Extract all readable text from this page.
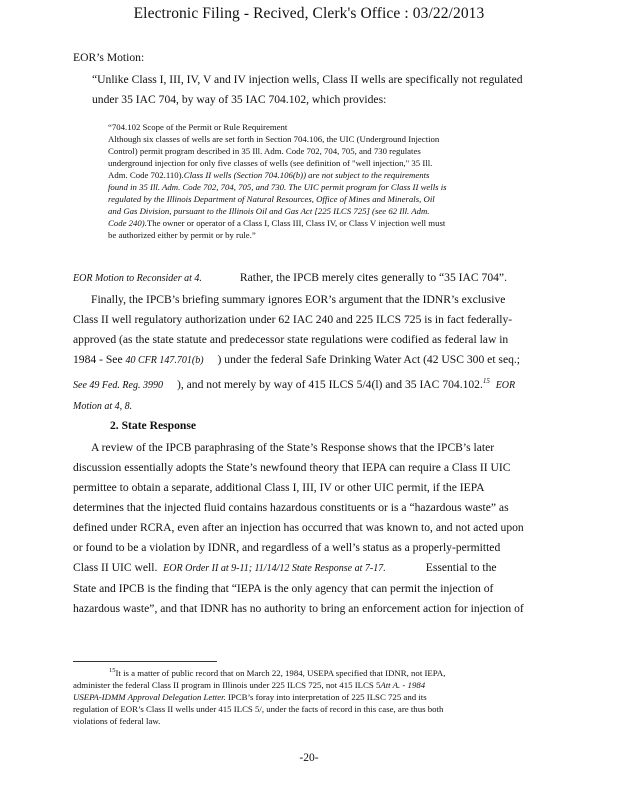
Electronic Filing - Recived, Clerk's Office : 03/22/2013

EOR’s Motion:

“Unlike Class I, III, IV, V and IV injection wells, Class II wells are specifically not regulated

under 35 IAC 704, by way of 35 IAC 704.102, which provides:

“704.102 Scope of the Permit or Rule Requirement

Although six classes of wells are set forth in Section 704.106, the UIC (Underground Injection

Control) permit program described in 35 Ill. Adm. Code 702, 704, 705, and 730 regulates

underground injection for only five classes of wells (see definition of "well injection," 35 Ill.

Adm. Code 702.110).Class II wells (Section 704.106(b)) are not subject to the requirements

found in 35 Ill. Adm. Code 702, 704, 705, and 730. The UIC permit program for Class II wells is

regulated by the Illinois Department of Natural Resources, Office of Mines and Minerals, Oil

and Gas Division, pursuant to the Illinois Oil and Gas Act [225 ILCS 725] (see 62 Ill. Adm.

Code 240).The owner or operator of a Class I, Class III, Class IV, or Class V injection well must

be authorized either by permit or by rule.”

EOR Motion to Reconsider at 4.	Rather, the IPCB merely cites generally to “35 IAC 704”.

Finally, the IPCB’s briefing summary ignores EOR’s argument that the IDNR’s exclusive

Class II well regulatory authorization under 62 IAC 240 and 225 ILCS 725 is in fact federally-

approved (as the state statute and predecessor state regulations were codified as federal law in

1984 - See 40 CFR 147.701(b) ) under the federal Safe Drinking Water Act (42 USC 300 et seq.;

See 49 Fed. Reg. 3990 ), and not merely by way of 415 ILCS 5/4(l) and 35 IAC 704.102.15 EOR

Motion at 4, 8.

2. State Response

A review of the IPCB paraphrasing of the State’s Response shows that the IPCB’s later

discussion essentially adopts the State’s newfound theory that IEPA can require a Class II UIC

permittee to obtain a separate, additional Class I, III, IV or other UIC permit, if the IEPA

determines that the injected fluid contains hazardous constituents or is a “hazardous waste” as

defined under RCRA, even after an injection has occurred that was known to, and not acted upon

or found to be a violation by IDNR, and regardless of a well’s status as a properly-permitted

Class II UIC well. EOR Order II at 9-11; 11/14/12 State Response at 7-17.	Essential to the

State and IPCB is the finding that “IEPA is the only agency that can permit the injection of

hazardous waste”, and that IDNR has no authority to bring an enforcement action for injection of

$^{15}$It is a matter of public record that on March 22, 1984, USEPA specified that IDNR, not IEPA,
administer the federal Class II program in Illinois under 225 ILCS 725, not 415 ILCS 5Att A. - 1984
USEPA-IDMM Approval Delegation Letter. IPCB’s foray into interpretation of 225 ILSC 725 and its
regulation of EOR’s Class II wells under 415 ILCS 5/, under the facts of record in this case, are thus both
violations of federal law.
-20-
